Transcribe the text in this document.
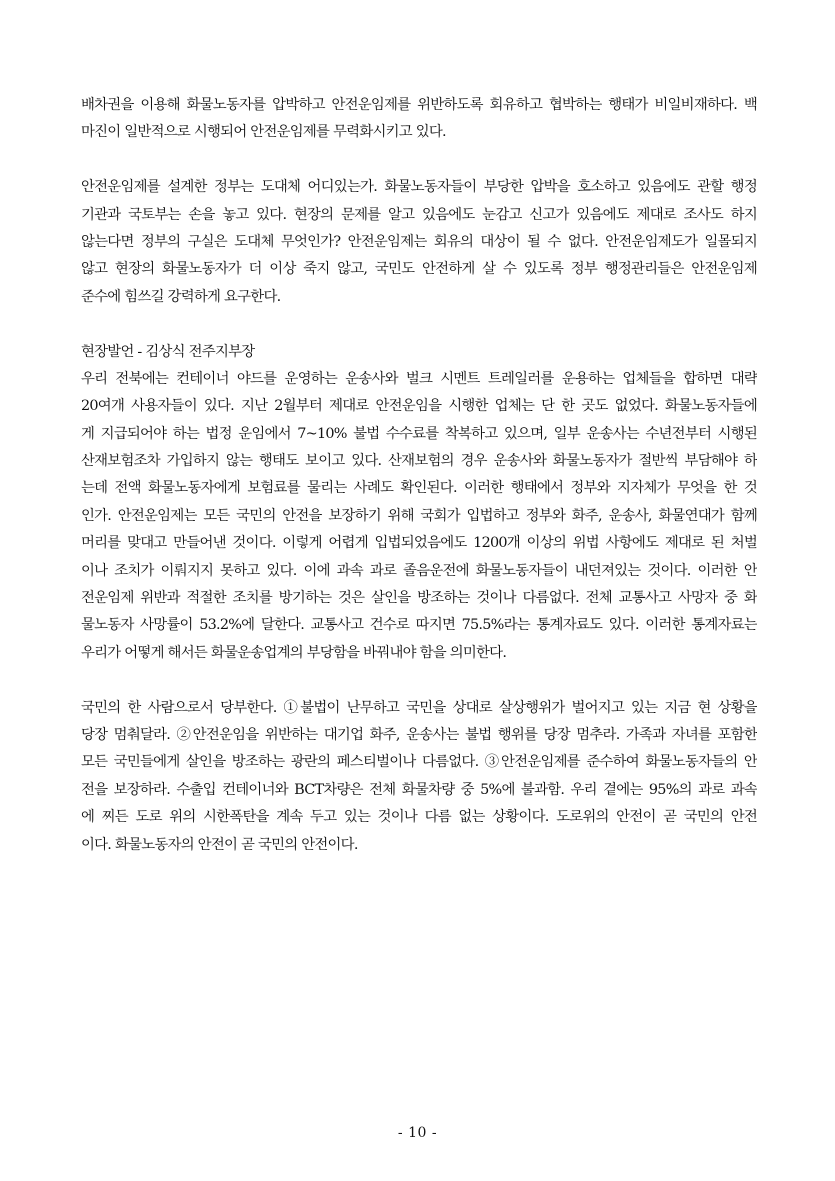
배차권을 이용해 화물노동자를 압박하고 안전운임제를 위반하도록 회유하고 협박하는 행태가 비일비재하다. 백
마진이 일반적으로 시행되어 안전운임제를 무력화시키고 있다.
안전운임제를 설계한 정부는 도대체 어디있는가. 화물노동자들이 부당한 압박을 호소하고 있음에도 관할 행정
기관과 국토부는 손을 놓고 있다. 현장의 문제를 알고 있음에도 눈감고 신고가 있음에도 제대로 조사도 하지
않는다면 정부의 구실은 도대체 무엇인가? 안전운임제는 회유의 대상이 될 수 없다. 안전운임제도가 일몰되지
않고 현장의 화물노동자가 더 이상 죽지 않고, 국민도 안전하게 살 수 있도록 정부 행정관리들은 안전운임제
준수에 힘쓰길 강력하게 요구한다.
현장발언 - 김상식 전주지부장
우리 전북에는 컨테이너 야드를 운영하는 운송사와 벌크 시멘트 트레일러를 운용하는 업체들을 합하면 대략
20여개 사용자들이 있다. 지난 2월부터 제대로 안전운임을 시행한 업체는 단 한 곳도 없었다. 화물노동자들에
게 지급되어야 하는 법정 운임에서 7~10% 불법 수수료를 착복하고 있으며, 일부 운송사는 수년전부터 시행된
산재보험조차 가입하지 않는 행태도 보이고 있다. 산재보험의 경우 운송사와 화물노동자가 절반씩 부담해야 하
는데 전액 화물노동자에게 보험료를 물리는 사례도 확인된다. 이러한 행태에서 정부와 지자체가 무엇을 한 것
인가. 안전운임제는 모든 국민의 안전을 보장하기 위해 국회가 입법하고 정부와 화주, 운송사, 화물연대가 함께
머리를 맞대고 만들어낸 것이다. 이렇게 어렵게 입법되었음에도 1200개 이상의 위법 사항에도 제대로 된 처벌
이나 조치가 이뤄지지 못하고 있다. 이에 과속 과로 졸음운전에 화물노동자들이 내던져있는 것이다. 이러한 안
전운임제 위반과 적절한 조치를 방기하는 것은 살인을 방조하는 것이나 다름없다. 전체 교통사고 사망자 중 화
물노동자 사망률이 53.2%에 달한다. 교통사고 건수로 따지면 75.5%라는 통계자료도 있다. 이러한 통계자료는
우리가 어떻게 해서든 화물운송업계의 부당함을 바꿔내야 함을 의미한다.
국민의 한 사람으로서 당부한다. ①불법이 난무하고 국민을 상대로 살상행위가 벌어지고 있는 지금 현 상황을
당장 멈춰달라. ②안전운임을 위반하는 대기업 화주, 운송사는 불법 행위를 당장 멈추라. 가족과 자녀를 포함한
모든 국민들에게 살인을 방조하는 광란의 페스티벌이나 다름없다. ③안전운임제를 준수하여 화물노동자들의 안
전을 보장하라. 수출입 컨테이너와 BCT차량은 전체 화물차량 중 5%에 불과함. 우리 곁에는 95%의 과로 과속
에 찌든 도로 위의 시한폭탄을 계속 두고 있는 것이나 다름 없는 상황이다. 도로위의 안전이 곧 국민의 안전
이다. 화물노동자의 안전이 곧 국민의 안전이다.
- 10 -
